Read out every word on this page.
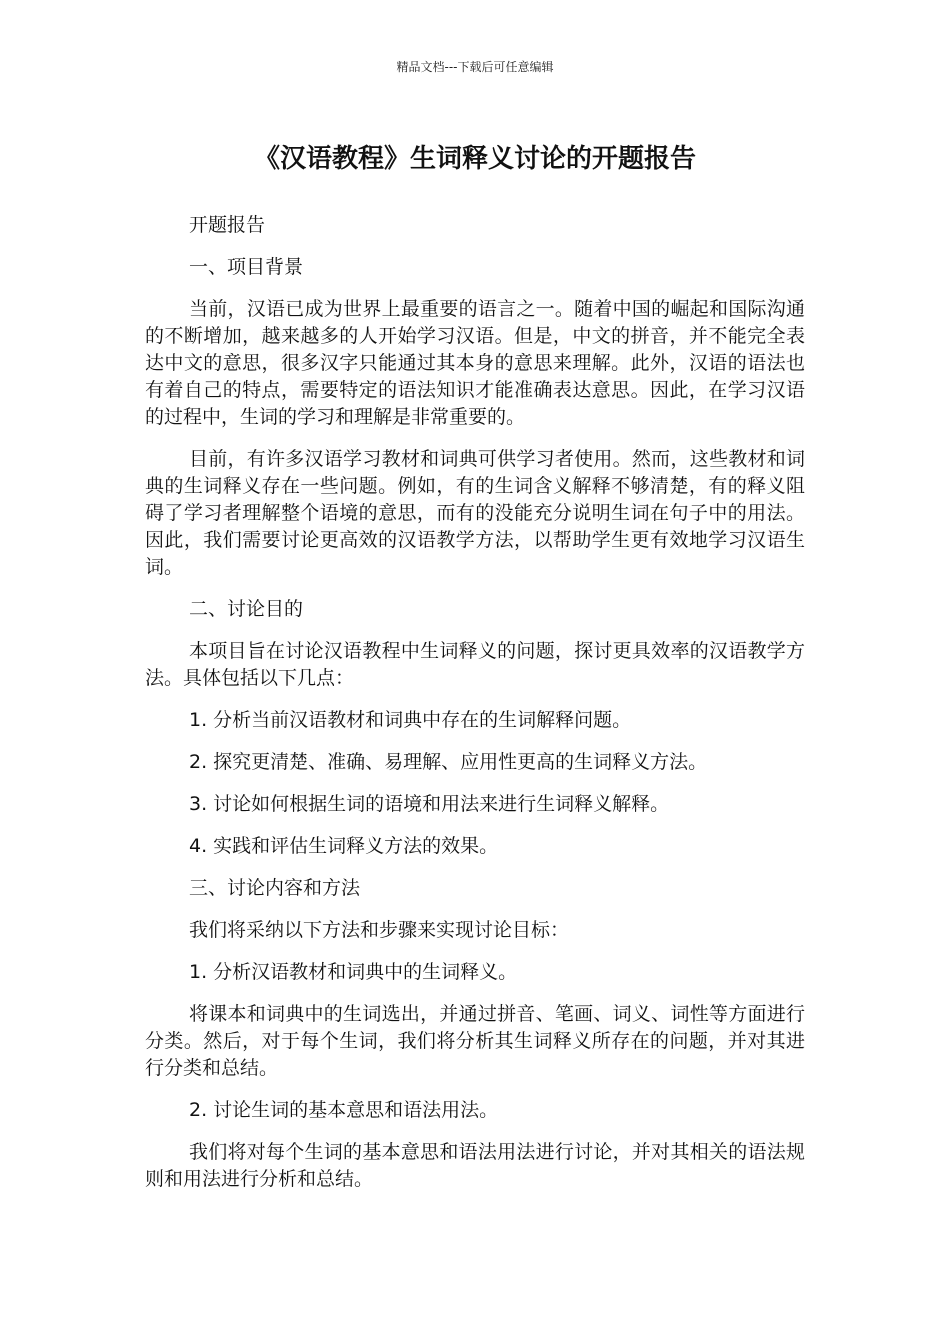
精品文档---下载后可任意编辑
《汉语教程》生词释义讨论的开题报告

开题报告

一、项目背景

当前，汉语已成为世界上最重要的语言之一。随着中国的崛起和国际沟通的不断增加，越来越多的人开始学习汉语。但是，中文的拼音，并不能完全表达中文的意思，很多汉字只能通过其本身的意思来理解。此外，汉语的语法也有着自己的特点，需要特定的语法知识才能准确表达意思。因此，在学习汉语的过程中，生词的学习和理解是非常重要的。

目前，有许多汉语学习教材和词典可供学习者使用。然而，这些教材和词典的生词释义存在一些问题。例如，有的生词含义解释不够清楚，有的释义阻碍了学习者理解整个语境的意思，而有的没能充分说明生词在句子中的用法。因此，我们需要讨论更高效的汉语教学方法，以帮助学生更有效地学习汉语生词。

二、讨论目的

本项目旨在讨论汉语教程中生词释义的问题，探讨更具效率的汉语教学方法。具体包括以下几点：

1. 分析当前汉语教材和词典中存在的生词解释问题。

2. 探究更清楚、准确、易理解、应用性更高的生词释义方法。

3. 讨论如何根据生词的语境和用法来进行生词释义解释。

4. 实践和评估生词释义方法的效果。

三、讨论内容和方法

我们将采纳以下方法和步骤来实现讨论目标：

1. 分析汉语教材和词典中的生词释义。

将课本和词典中的生词选出，并通过拼音、笔画、词义、词性等方面进行分类。然后，对于每个生词，我们将分析其生词释义所存在的问题，并对其进行分类和总结。

2. 讨论生词的基本意思和语法用法。

我们将对每个生词的基本意思和语法用法进行讨论，并对其相关的语法规则和用法进行分析和总结。
